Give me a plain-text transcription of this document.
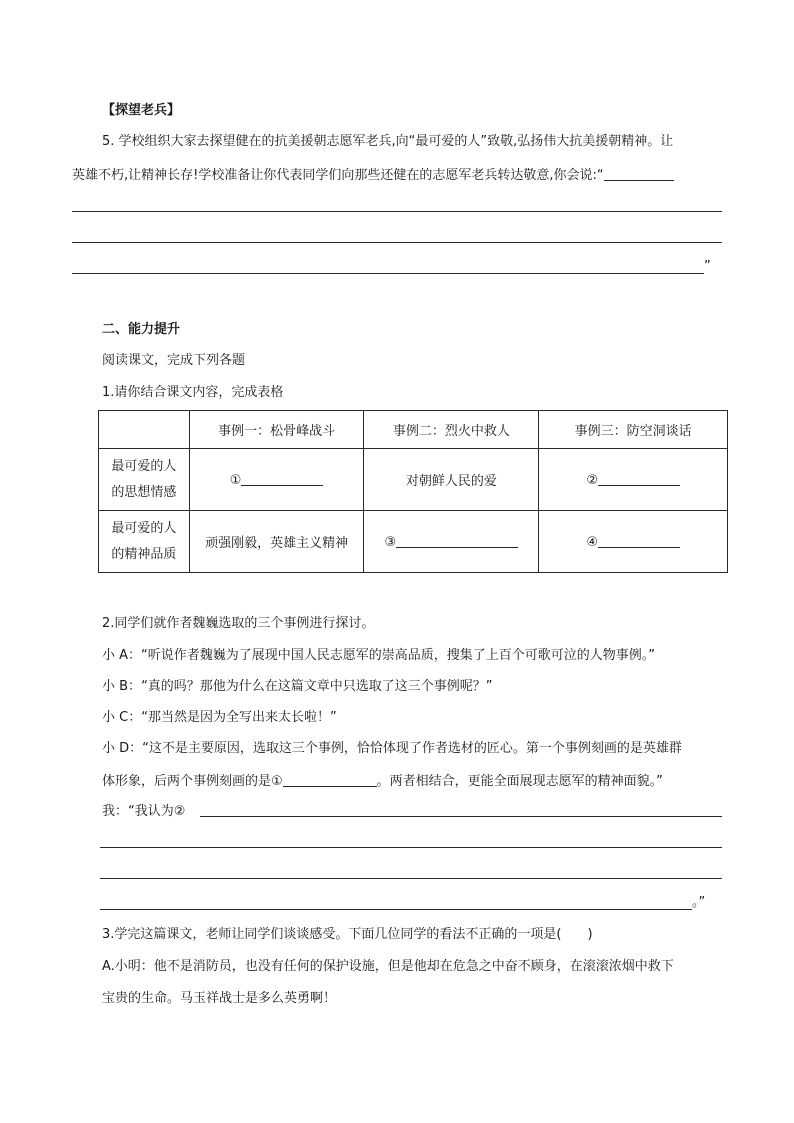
【探望老兵】
5. 学校组织大家去探望健在的抗美援朝志愿军老兵,向“最可爱的人”致敬,弘扬伟大抗美援朝精神。让
英雄不朽,让精神长存!学校准备让你代表同学们向那些还健在的志愿军老兵转达敬意,你会说:“
”
二、能力提升
阅读课文，完成下列各题
1.请你结合课文内容，完成表格
	事例一：松骨峰战斗	事例二：烈火中救人	事例三：防空洞谈话

最可爱的人
的思想情感	①	对朝鲜人民的爱	②

最可爱的人
的精神品质	顽强刚毅，英雄主义精神	③	④
2.同学们就作者魏巍选取的三个事例进行探讨。
小 A：“听说作者魏巍为了展现中国人民志愿军的崇高品质，搜集了上百个可歌可泣的人物事例。”
小 B：“真的吗？那他为什么在这篇文章中只选取了这三个事例呢？”
小 C：“那当然是因为全写出来太长啦！”
小 D：“这不是主要原因，选取这三个事例，恰恰体现了作者选材的匠心。第一个事例刻画的是英雄群
体形象，后两个事例刻画的是①	。两者相结合，更能全面展现志愿军的精神面貌。”
我：“我认为②
。”
3.学完这篇课文，老师让同学们谈谈感受。下面几位同学的看法不正确的一项是(　　)
A.小明：他不是消防员，也没有任何的保护设施，但是他却在危急之中奋不顾身，在滚滚浓烟中救下
宝贵的生命。马玉祥战士是多么英勇啊！
